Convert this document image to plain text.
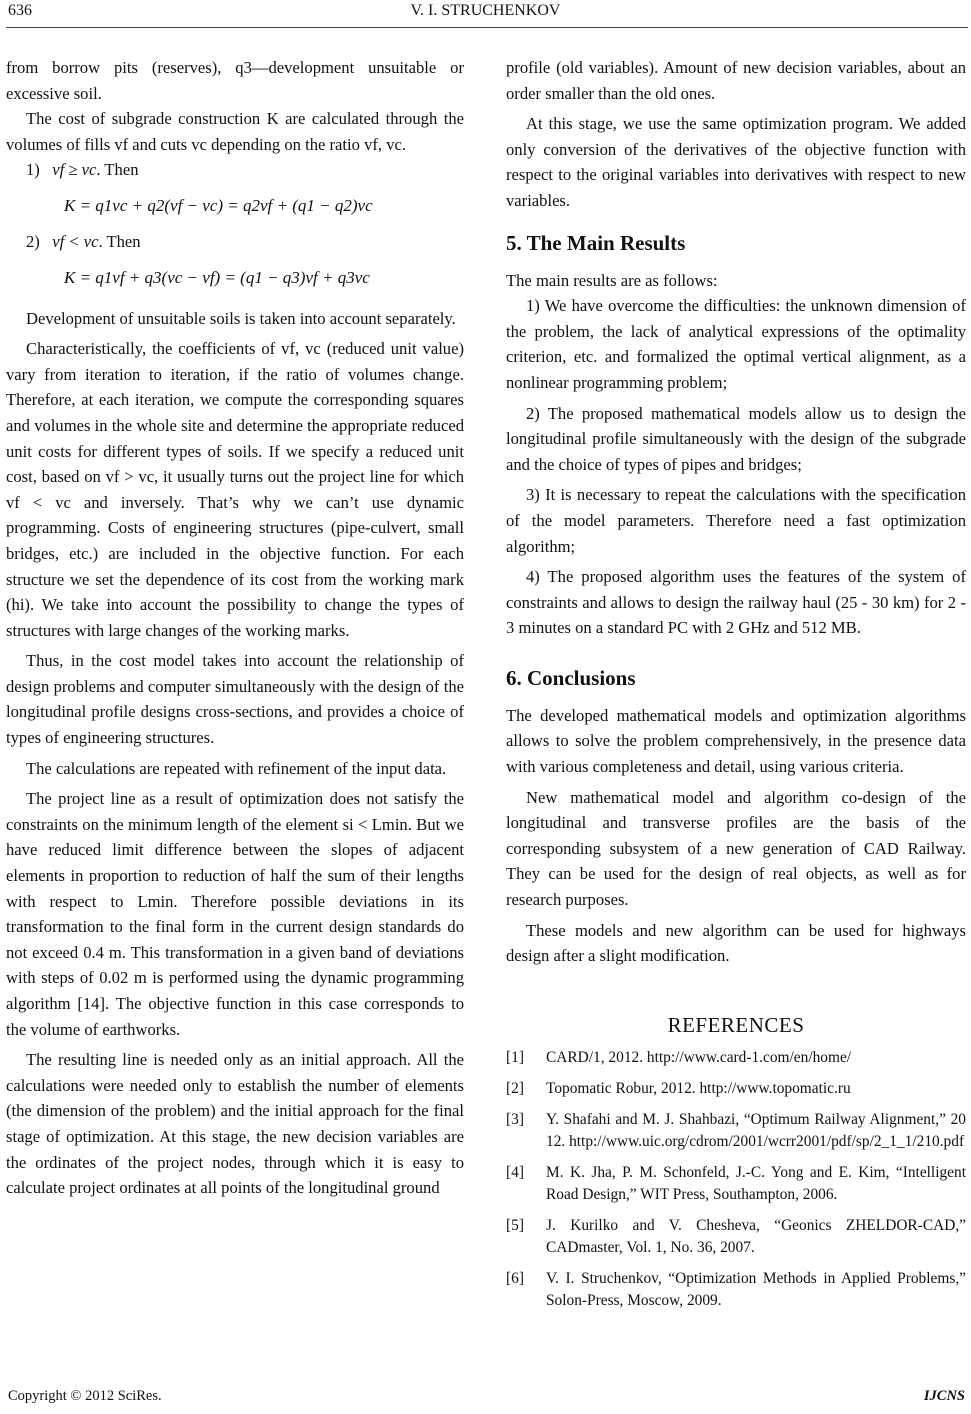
V. I. STRUCHENKOV
636

from borrow pits (reserves), q3—development unsuitable or excessive soil.

The cost of subgrade construction K are calculated through the volumes of fills vf and cuts vc depending on the ratio vf, vc.

1) vf ≥ vc. Then

K = q1vc + q2(vf − vc) = q2vf + (q1 − q2)vc

2) vf < vc. Then

K = q1vf + q3(vc − vf) = (q1 − q3)vf + q3vc

Development of unsuitable soils is taken into account separately.

Characteristically, the coefficients of vf, vc (reduced unit value) vary from iteration to iteration, if the ratio of volumes change. Therefore, at each iteration, we compute the corresponding squares and volumes in the whole site and determine the appropriate reduced unit costs for different types of soils. If we specify a reduced unit cost, based on vf > vc, it usually turns out the project line for which vf < vc and inversely. That’s why we can’t use dynamic programming. Costs of engineering structures (pipe-culvert, small bridges, etc.) are included in the objective function. For each structure we set the dependence of its cost from the working mark (hi). We take into account the possibility to change the types of structures with large changes of the working marks.

Thus, in the cost model takes into account the relationship of design problems and computer simultaneously with the design of the longitudinal profile designs cross-sections, and provides a choice of types of engineering structures.

The calculations are repeated with refinement of the input data.

The project line as a result of optimization does not satisfy the constraints on the minimum length of the element si < Lmin. But we have reduced limit difference between the slopes of adjacent elements in proportion to reduction of half the sum of their lengths with respect to Lmin. Therefore possible deviations in its transformation to the final form in the current design standards do not exceed 0.4 m. This transformation in a given band of deviations with steps of 0.02 m is performed using the dynamic programming algorithm [14]. The objective function in this case corresponds to the volume of earthworks.

The resulting line is needed only as an initial approach. All the calculations were needed only to establish the number of elements (the dimension of the problem) and the initial approach for the final stage of optimization. At this stage, the new decision variables are the ordinates of the project nodes, through which it is easy to calculate project ordinates at all points of the longitudinal ground

profile (old variables). Amount of new decision variables, about an order smaller than the old ones.

At this stage, we use the same optimization program. We added only conversion of the derivatives of the objective function with respect to the original variables into derivatives with respect to new variables.

5. The Main Results

The main results are as follows:

1) We have overcome the difficulties: the unknown dimension of the problem, the lack of analytical expressions of the optimality criterion, etc. and formalized the optimal vertical alignment, as a nonlinear programming problem;

2) The proposed mathematical models allow us to design the longitudinal profile simultaneously with the design of the subgrade and the choice of types of pipes and bridges;

3) It is necessary to repeat the calculations with the specification of the model parameters. Therefore need a fast optimization algorithm;

4) The proposed algorithm uses the features of the system of constraints and allows to design the railway haul (25 - 30 km) for 2 - 3 minutes on a standard PC with 2 GHz and 512 MB.

6. Conclusions

The developed mathematical models and optimization algorithms allows to solve the problem comprehensively, in the presence data with various completeness and detail, using various criteria.

New mathematical model and algorithm co-design of the longitudinal and transverse profiles are the basis of the corresponding subsystem of a new generation of CAD Railway. They can be used for the design of real objects, as well as for research purposes.

These models and new algorithm can be used for highways design after a slight modification.

REFERENCES
[1]	CARD/1, 2012. http://www.card-1.com/en/home/
[2]	Topomatic Robur, 2012. http://www.topomatic.ru
[3]	Y. Shafahi and M. J. Shahbazi, “Optimum Railway Alignment,” 2012. http://www.uic.org/cdrom/2001/wcrr2001/pdf/sp/2_1_1/210.pdf
[4]	M. K. Jha, P. M. Schonfeld, J.-C. Yong and E. Kim, “Intelligent Road Design,” WIT Press, Southampton, 2006.
[5]	J. Kurilko and V. Chesheva, “Geonics ZHELDOR-CAD,” CADmaster, Vol. 1, No. 36, 2007.
[6]	V. I. Struchenkov, “Optimization Methods in Applied Problems,” Solon-Press, Moscow, 2009.
Copyright © 2012 SciRes.	IJCNS
